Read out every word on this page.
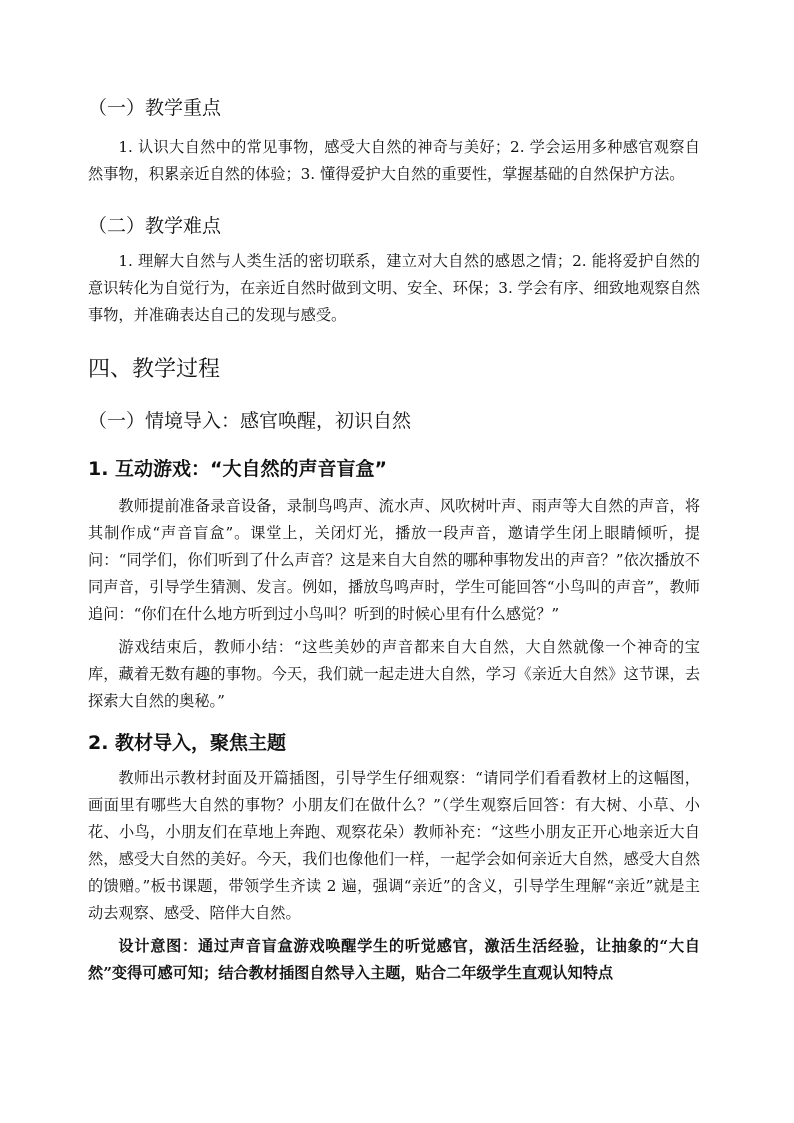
（一）教学重点

1. 认识大自然中的常见事物，感受大自然的神奇与美好；2. 学会运用多种感官观察自然事物，积累亲近自然的体验；3. 懂得爱护大自然的重要性，掌握基础的自然保护方法。

（二）教学难点

1. 理解大自然与人类生活的密切联系，建立对大自然的感恩之情；2. 能将爱护自然的意识转化为自觉行为，在亲近自然时做到文明、安全、环保；3. 学会有序、细致地观察自然事物，并准确表达自己的发现与感受。

四、教学过程
（一）情境导入：感官唤醒，初识自然
1. 互动游戏：“大自然的声音盲盒”

教师提前准备录音设备，录制鸟鸣声、流水声、风吹树叶声、雨声等大自然的声音，将其制作成“声音盲盒”。课堂上，关闭灯光，播放一段声音，邀请学生闭上眼睛倾听，提问：“同学们，你们听到了什么声音？这是来自大自然的哪种事物发出的声音？”依次播放不同声音，引导学生猜测、发言。例如，播放鸟鸣声时，学生可能回答“小鸟叫的声音”，教师追问：“你们在什么地方听到过小鸟叫？听到的时候心里有什么感觉？”

游戏结束后，教师小结：“这些美妙的声音都来自大自然，大自然就像一个神奇的宝库，藏着无数有趣的事物。今天，我们就一起走进大自然，学习《亲近大自然》这节课，去探索大自然的奥秘。”

2. 教材导入，聚焦主题

教师出示教材封面及开篇插图，引导学生仔细观察：“请同学们看看教材上的这幅图，画面里有哪些大自然的事物？小朋友们在做什么？”（学生观察后回答：有大树、小草、小花、小鸟，小朋友们在草地上奔跑、观察花朵）教师补充：“这些小朋友正开心地亲近大自然，感受大自然的美好。今天，我们也像他们一样，一起学会如何亲近大自然，感受大自然的馈赠。”板书课题，带领学生齐读 2 遍，强调“亲近”的含义，引导学生理解“亲近”就是主动去观察、感受、陪伴大自然。

设计意图：通过声音盲盒游戏唤醒学生的听觉感官，激活生活经验，让抽象的“大自然”变得可感可知；结合教材插图自然导入主题，贴合二年级学生直观认知特点
